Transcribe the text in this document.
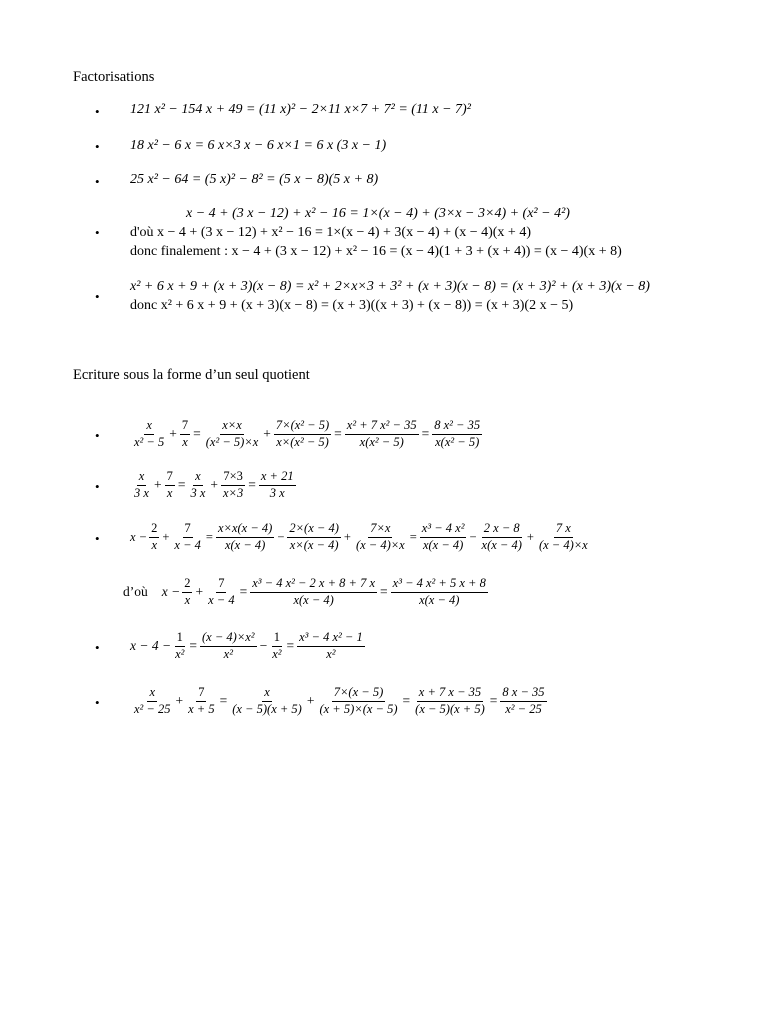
Factorisations
• 121 x² − 154 x + 49 = (11 x)² − 2×11 x×7 + 7² = (11 x − 7)²
• 18 x² − 6 x = 6 x×3 x − 6 x×1 = 6 x (3 x − 1)
• 25 x² − 64 = (5 x)² − 8² = (5 x − 8)(5 x + 8)
x − 4 + (3 x − 12) + x² − 16 = 1×(x − 4) + (3×x − 3×4) + (x² − 4²)
• d'où x − 4 + (3 x − 12) + x² − 16 = 1×(x − 4) + 3(x − 4) + (x − 4)(x + 4)
donc finalement : x − 4 + (3 x − 12) + x² − 16 = (x − 4)(1 + 3 + (x + 4)) = (x − 4)(x + 8)
x² + 6 x + 9 + (x + 3)(x − 8) = x² + 2×x×3 + 3² + (x + 3)(x − 8) = (x + 3)² + (x + 3)(x − 8)
•
donc x² + 6 x + 9 + (x + 3)(x − 8) = (x + 3)((x + 3) + (x − 8)) = (x + 3)(2 x − 5)
Ecriture sous la forme d’un seul quotient
•	$\frac{x}{\text{x² − 5}} + \frac{7}{x} = \frac{x\times x}{\text{(x² − 5)×x}} + \frac{\text{7×(x² − 5)}}{\text{x×(x² − 5)}} = \frac{\text{x² + 7 x² − 35}}{\text{x(x² − 5)}} = \frac{\text{8 x² − 35}}{\text{x(x² − 5)}}$
•	$\frac{x}{3 x} + \frac{7}{x} = \frac{x}{3 x} + \frac{7\times 3}{x\times 3} = \frac{x + 21}{3 x}$
• $x - \frac{2}{x} + \frac{7}{x - 4} = \frac{x\times x(x - 4)}{x(x - 4)} - \frac{2\times(x - 4)}{x\times(x - 4)} + \frac{7\times x}{(x - 4)\times x} = \frac{\text{x³ − 4 x²}}{x(x - 4)} - \frac{2 x - 8}{x(x - 4)} + \frac{7 x}{(x - 4)\times x}$
d’où $x - \frac{2}{x} + \frac{7}{x - 4} = \frac{\text{x³ − 4 x² − 2 x + 8 + 7 x}}{x(x - 4)} = \frac{\text{x³ − 4 x² + 5 x + 8}}{x(x - 4)}$
• $x - 4 - \frac{1}{\text{x²}} = \frac{\text{(x − 4)×x²}}{\text{x²}} - \frac{1}{\text{x²}} = \frac{\text{x³ − 4 x² − 1}}{\text{x²}}$
•	$\frac{x}{\text{x² − 25}} + \frac{7}{x + 5} = \frac{x}{(x - 5)(x + 5)} + \frac{7\times(x - 5)}{(x + 5)\times(x - 5)} = \frac{x + 7 x - 35}{(x - 5)(x + 5)} = \frac{8 x - 35}{\text{x² − 25}}$
